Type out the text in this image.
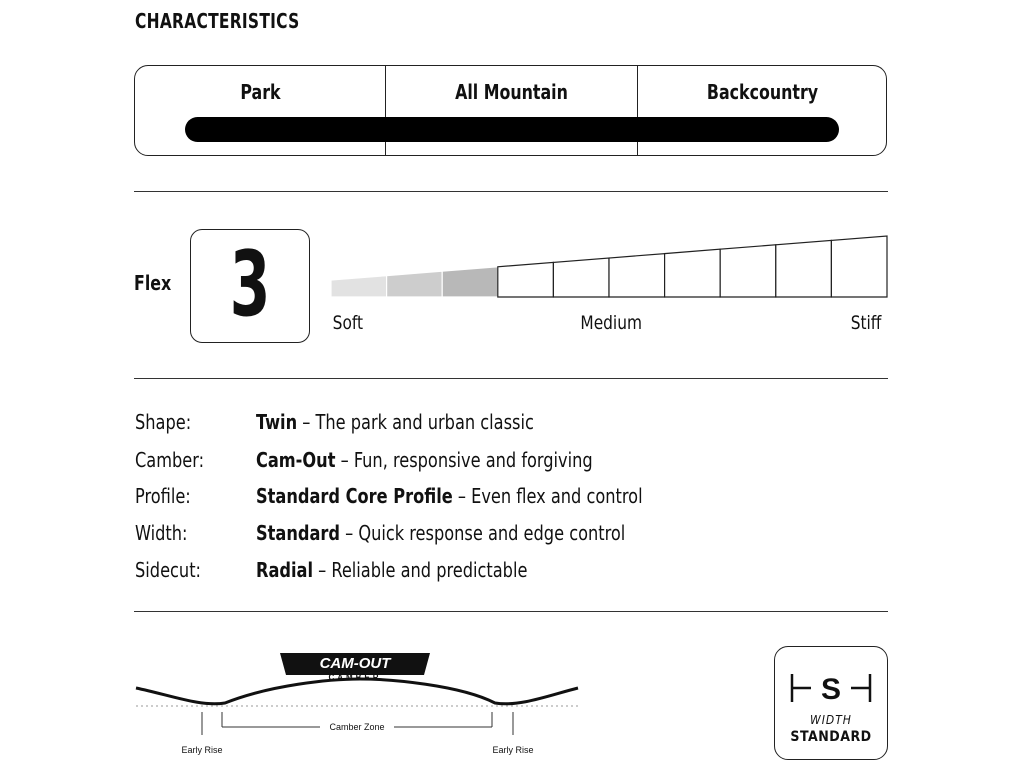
CHARACTERISTICS
Park	All Mountain	Backcountry
Flex 3	Soft	Medium	Stiff
Shape:	Twin – The park and urban classic
Camber:	Cam-Out – Fun, responsive and forgiving
Profile:	Standard Core Profile – Even flex and control
Width:	Standard – Quick response and edge control
Sidecut:	Radial – Reliable and predictable
CAM-OUT
CAMBER
Camber Zone
Early Rise	Early Rise
S
WIDTH
STANDARD
